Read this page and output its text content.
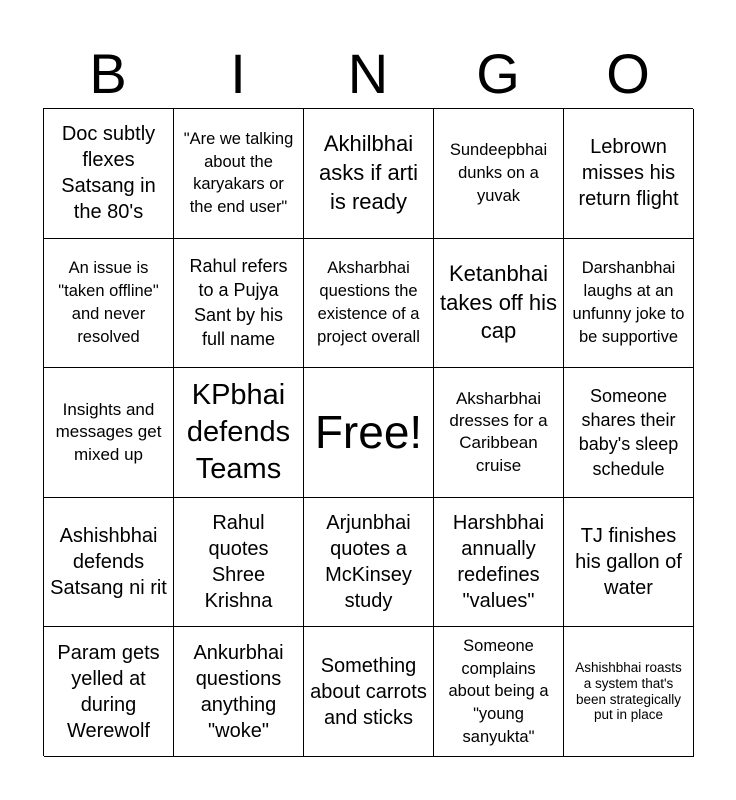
B	I	N	G	O
Doc subtly flexes Satsang in the 80's
"Are we talking about the karyakars or the end user"
Akhilbhai asks if arti is ready
Sundeepbhai dunks on a yuvak
Lebrown misses his return flight
An issue is "taken offline" and never resolved
Rahul refers to a Pujya Sant by his full name
Aksharbhai questions the existence of a project overall
Ketanbhai takes off his cap
Darshanbhai laughs at an unfunny joke to be supportive
Insights and messages get mixed up
KPbhai defends Teams
Free!
Aksharbhai dresses for a Caribbean cruise
Someone shares their baby's sleep schedule
Ashishbhai defends Satsang ni rit
Rahul quotes Shree Krishna
Arjunbhai quotes a McKinsey study
Harshbhai annually redefines "values"
TJ finishes his gallon of water
Param gets yelled at during Werewolf
Ankurbhai questions anything "woke"
Something about carrots and sticks
Someone complains about being a "young sanyukta"
Ashishbhai roasts a system that's been strategically put in place
